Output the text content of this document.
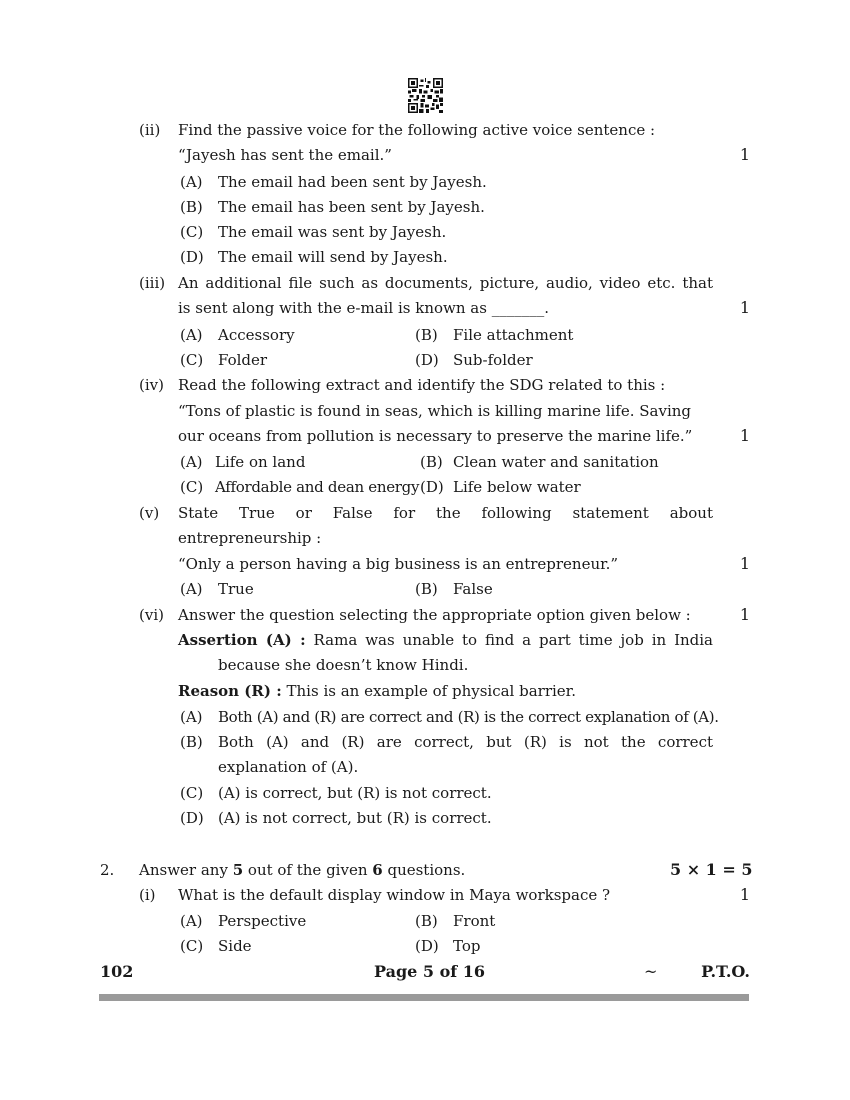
(ii) Find the passive voice for the following active voice sentence :
“Jayesh has sent the email.”	1
(A) The email had been sent by Jayesh.
(B) The email has been sent by Jayesh.
(C) The email was sent by Jayesh.
(D) The email will send by Jayesh.
(iii) An additional file such as documents, picture, audio, video etc. that
is sent along with the e-mail is known as _______.	1
(A) Accessory	(B) File attachment
(C) Folder	(D) Sub-folder
(iv) Read the following extract and identify the SDG related to this :
“Tons of plastic is found in seas, which is killing marine life. Saving
our oceans from pollution is necessary to preserve the marine life.”	1
(A) Life on land	(B) Clean water and sanitation
(C) Affordable and dean energy (D) Life below water
(v) State True or False for the following statement about
entrepreneurship :
“Only a person having a big business is an entrepreneur.”	1
(A) True	(B) False
(vi) Answer the question selecting the appropriate option given below :	1
Assertion (A) : Rama was unable to find a part time job in India
because she doesn’t know Hindi.
Reason (R) : This is an example of physical barrier.
(A) Both (A) and (R) are correct and (R) is the correct explanation of (A).
(B) Both (A) and (R) are correct, but (R) is not the correct
explanation of (A).
(C) (A) is correct, but (R) is not correct.
(D) (A) is not correct, but (R) is correct.
2. Answer any 5 out of the given 6 questions.	5 × 1 = 5
(i) What is the default display window in Maya workspace ?	1
(A) Perspective	(B) Front
(C) Side	(D) Top
102	Page 5 of 16	~	P.T.O.
